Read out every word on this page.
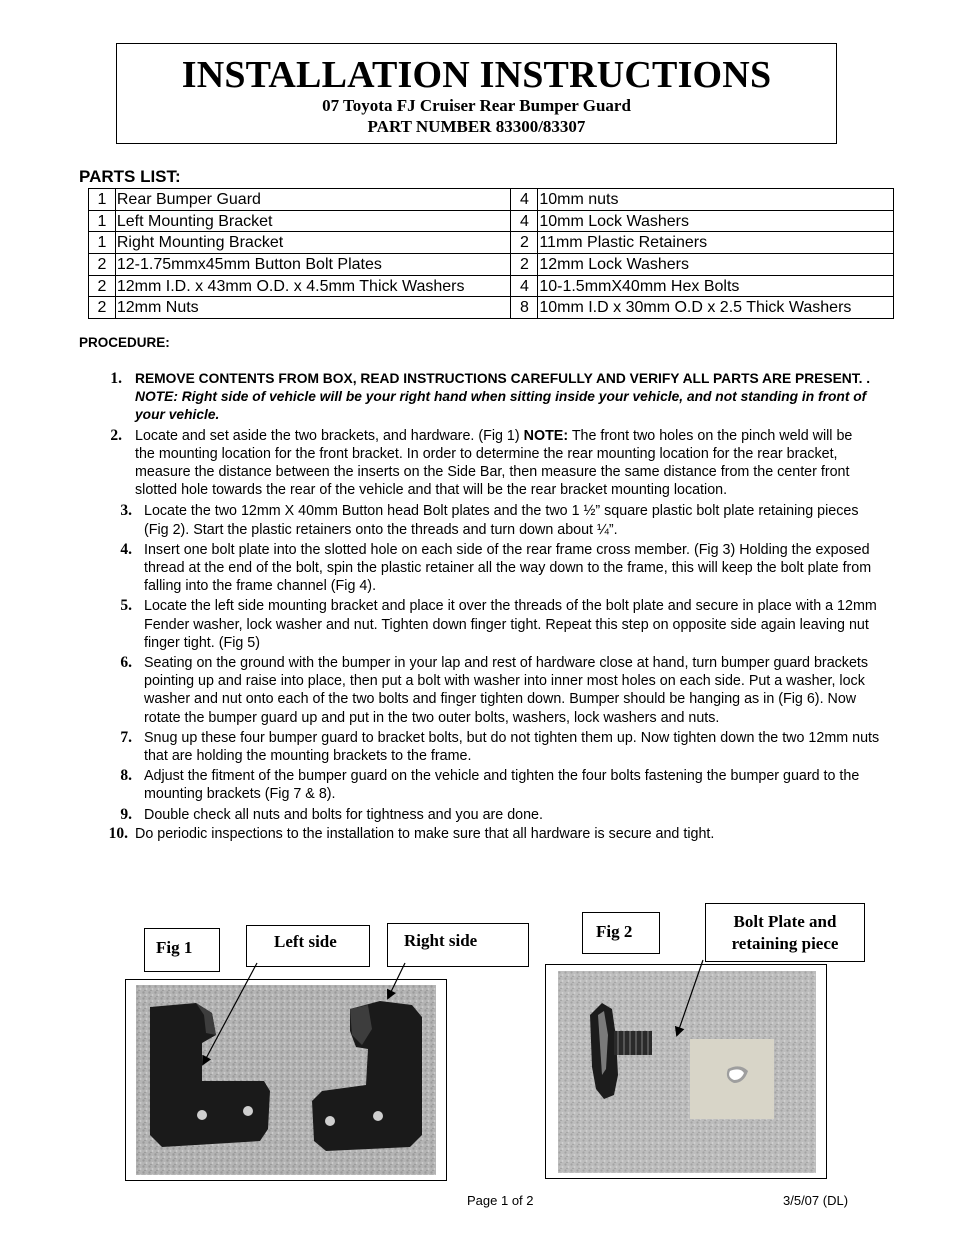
INSTALLATION INSTRUCTIONS
07 Toyota FJ Cruiser Rear Bumper Guard
PART NUMBER 83300/83307
PARTS LIST:
1	Rear Bumper Guard	4	10mm nuts
1	Left Mounting Bracket	4	10mm Lock Washers
1	Right Mounting Bracket	2	11mm Plastic Retainers
2	12-1.75mmx45mm Button Bolt Plates	2	12mm Lock Washers
2	12mm I.D. x 43mm O.D. x 4.5mm Thick Washers	4	10-1.5mmX40mm Hex Bolts
2	12mm Nuts	8	10mm I.D x 30mm O.D x 2.5 Thick Washers
PROCEDURE:
1. REMOVE CONTENTS FROM BOX, READ INSTRUCTIONS CAREFULLY AND VERIFY ALL PARTS ARE PRESENT. . NOTE: Right side of vehicle will be your right hand when sitting inside your vehicle, and not standing in front of your vehicle.
2. Locate and set aside the two brackets, and hardware. (Fig 1) NOTE: The front two holes on the pinch weld will be the mounting location for the front bracket. In order to determine the rear mounting location for the rear bracket, measure the distance between the inserts on the Side Bar, then measure the same distance from the center front slotted hole towards the rear of the vehicle and that will be the rear bracket mounting location.
3. Locate the two 12mm X 40mm Button head Bolt plates and the two 1 ½” square plastic bolt plate retaining pieces (Fig 2). Start the plastic retainers onto the threads and turn down about ¼”.
4. Insert one bolt plate into the slotted hole on each side of the rear frame cross member. (Fig 3) Holding the exposed thread at the end of the bolt, spin the plastic retainer all the way down to the frame, this will keep the bolt plate from falling into the frame channel (Fig 4).
5. Locate the left side mounting bracket and place it over the threads of the bolt plate and secure in place with a 12mm Fender washer, lock washer and nut. Tighten down finger tight. Repeat this step on opposite side again leaving nut finger tight. (Fig 5)
6. Seating on the ground with the bumper in your lap and rest of hardware close at hand, turn bumper guard brackets pointing up and raise into place, then put a bolt with washer into inner most holes on each side. Put a washer, lock washer and nut onto each of the two bolts and finger tighten down. Bumper should be hanging as in (Fig 6). Now rotate the bumper guard up and put in the two outer bolts, washers, lock washers and nuts.
7. Snug up these four bumper guard to bracket bolts, but do not tighten them up. Now tighten down the two 12mm nuts that are holding the mounting brackets to the frame.
8. Adjust the fitment of the bumper guard on the vehicle and tighten the four bolts fastening the bumper guard to the mounting brackets (Fig 7 & 8).
9. Double check all nuts and bolts for tightness and you are done.
10. Do periodic inspections to the installation to make sure that all hardware is secure and tight.
Fig 1	Left side	Right side	Fig 2
Bolt Plate and retaining piece
Page 1 of 2	3/5/07 (DL)
